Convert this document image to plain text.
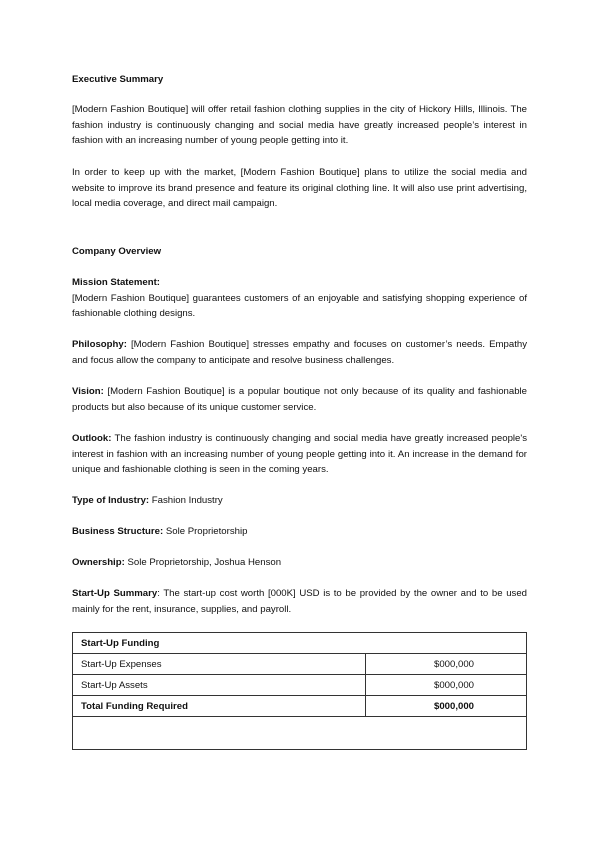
Executive Summary
[Modern Fashion Boutique] will offer retail fashion clothing supplies in the city of Hickory Hills, Illinois. The fashion industry is continuously changing and social media have greatly increased people’s interest in fashion with an increasing number of young people getting into it.
In order to keep up with the market, [Modern Fashion Boutique] plans to utilize the social media and website to improve its brand presence and feature its original clothing line. It will also use print advertising, local media coverage, and direct mail campaign.
Company Overview
Mission Statement:
[Modern Fashion Boutique] guarantees customers of an enjoyable and satisfying shopping experience of fashionable clothing designs.
Philosophy: [Modern Fashion Boutique] stresses empathy and focuses on customer’s needs. Empathy and focus allow the company to anticipate and resolve business challenges.
Vision: [Modern Fashion Boutique] is a popular boutique not only because of its quality and fashionable products but also because of its unique customer service.
Outlook: The fashion industry is continuously changing and social media have greatly increased people's interest in fashion with an increasing number of young people getting into it. An increase in the demand for unique and fashionable clothing is seen in the coming years.
Type of Industry: Fashion Industry
Business Structure: Sole Proprietorship
Ownership: Sole Proprietorship, Joshua Henson
Start-Up Summary: The start-up cost worth [000K] USD is to be provided by the owner and to be used mainly for the rent, insurance, supplies, and payroll.
Start-Up Funding	
Start-Up Expenses	$000,000
Start-Up Assets	$000,000
Total Funding Required	$000,000
